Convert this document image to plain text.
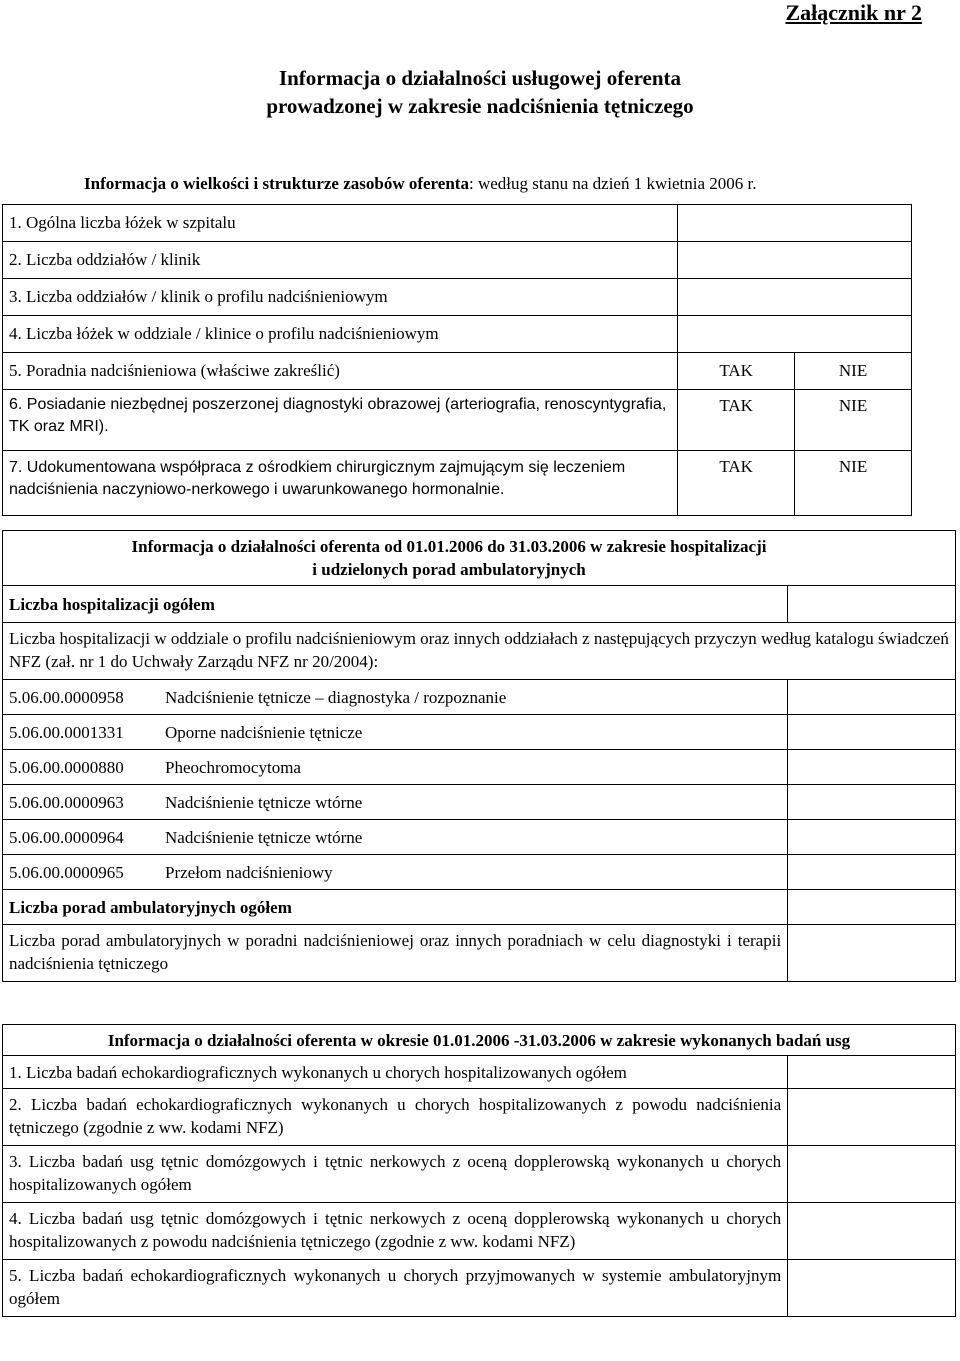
Załącznik nr 2
Informacja o działalności usługowej oferenta
prowadzonej w zakresie nadciśnienia tętniczego
Informacja o wielkości i strukturze zasobów oferenta: według stanu na dzień 1 kwietnia 2006 r.
1. Ogólna liczba łóżek w szpitalu		
2. Liczba oddziałów / klinik		
3. Liczba oddziałów / klinik o profilu nadciśnieniowym		
4. Liczba łóżek w oddziale / klinice o profilu nadciśnieniowym		
5. Poradnia nadciśnieniowa (właściwe zakreślić)	TAK	NIE
6. Posiadanie niezbędnej poszerzonej diagnostyki obrazowej (arteriografia, renoscyntygrafia, TK oraz MRI).	TAK	NIE
7. Udokumentowana współpraca z ośrodkiem chirurgicznym zajmującym się leczeniem nadciśnienia naczyniowo-nerkowego i uwarunkowanego hormonalnie.	TAK	NIE
Informacja o działalności oferenta od 01.01.2006 do 31.03.2006 w zakresie hospitalizacji
i udzielonych porad ambulatoryjnych	

Liczba hospitalizacji ogółem	
Liczba hospitalizacji w oddziale o profilu nadciśnieniowym oraz innych oddziałach z następujących przyczyn według katalogu świadczeń NFZ (zał. nr 1 do Uchwały Zarządu NFZ nr 20/2004):	
5.06.00.0000958 Nadciśnienie tętnicze – diagnostyka / rozpoznanie	
5.06.00.0001331 Oporne nadciśnienie tętnicze	
5.06.00.0000880 Pheochromocytoma	
5.06.00.0000963 Nadciśnienie tętnicze wtórne	
5.06.00.0000964 Nadciśnienie tętnicze wtórne	
5.06.00.0000965 Przełom nadciśnieniowy	
Liczba porad ambulatoryjnych ogółem	
Liczba porad ambulatoryjnych w poradni nadciśnieniowej oraz innych poradniach w celu diagnostyki i terapii nadciśnienia tętniczego	
Informacja o działalności oferenta w okresie 01.01.2006 -31.03.2006 w zakresie wykonanych badań usg	
1. Liczba badań echokardiograficznych wykonanych u chorych hospitalizowanych ogółem	
2. Liczba badań echokardiograficznych wykonanych u chorych hospitalizowanych z powodu nadciśnienia tętniczego (zgodnie z ww. kodami NFZ)	
3. Liczba badań usg tętnic domózgowych i tętnic nerkowych z oceną dopplerowską wykonanych u chorych hospitalizowanych ogółem	
4. Liczba badań usg tętnic domózgowych i tętnic nerkowych z oceną dopplerowską wykonanych u chorych hospitalizowanych z powodu nadciśnienia tętniczego (zgodnie z ww. kodami NFZ)	
5. Liczba badań echokardiograficznych wykonanych u chorych przyjmowanych w systemie ambulatoryjnym ogółem	
